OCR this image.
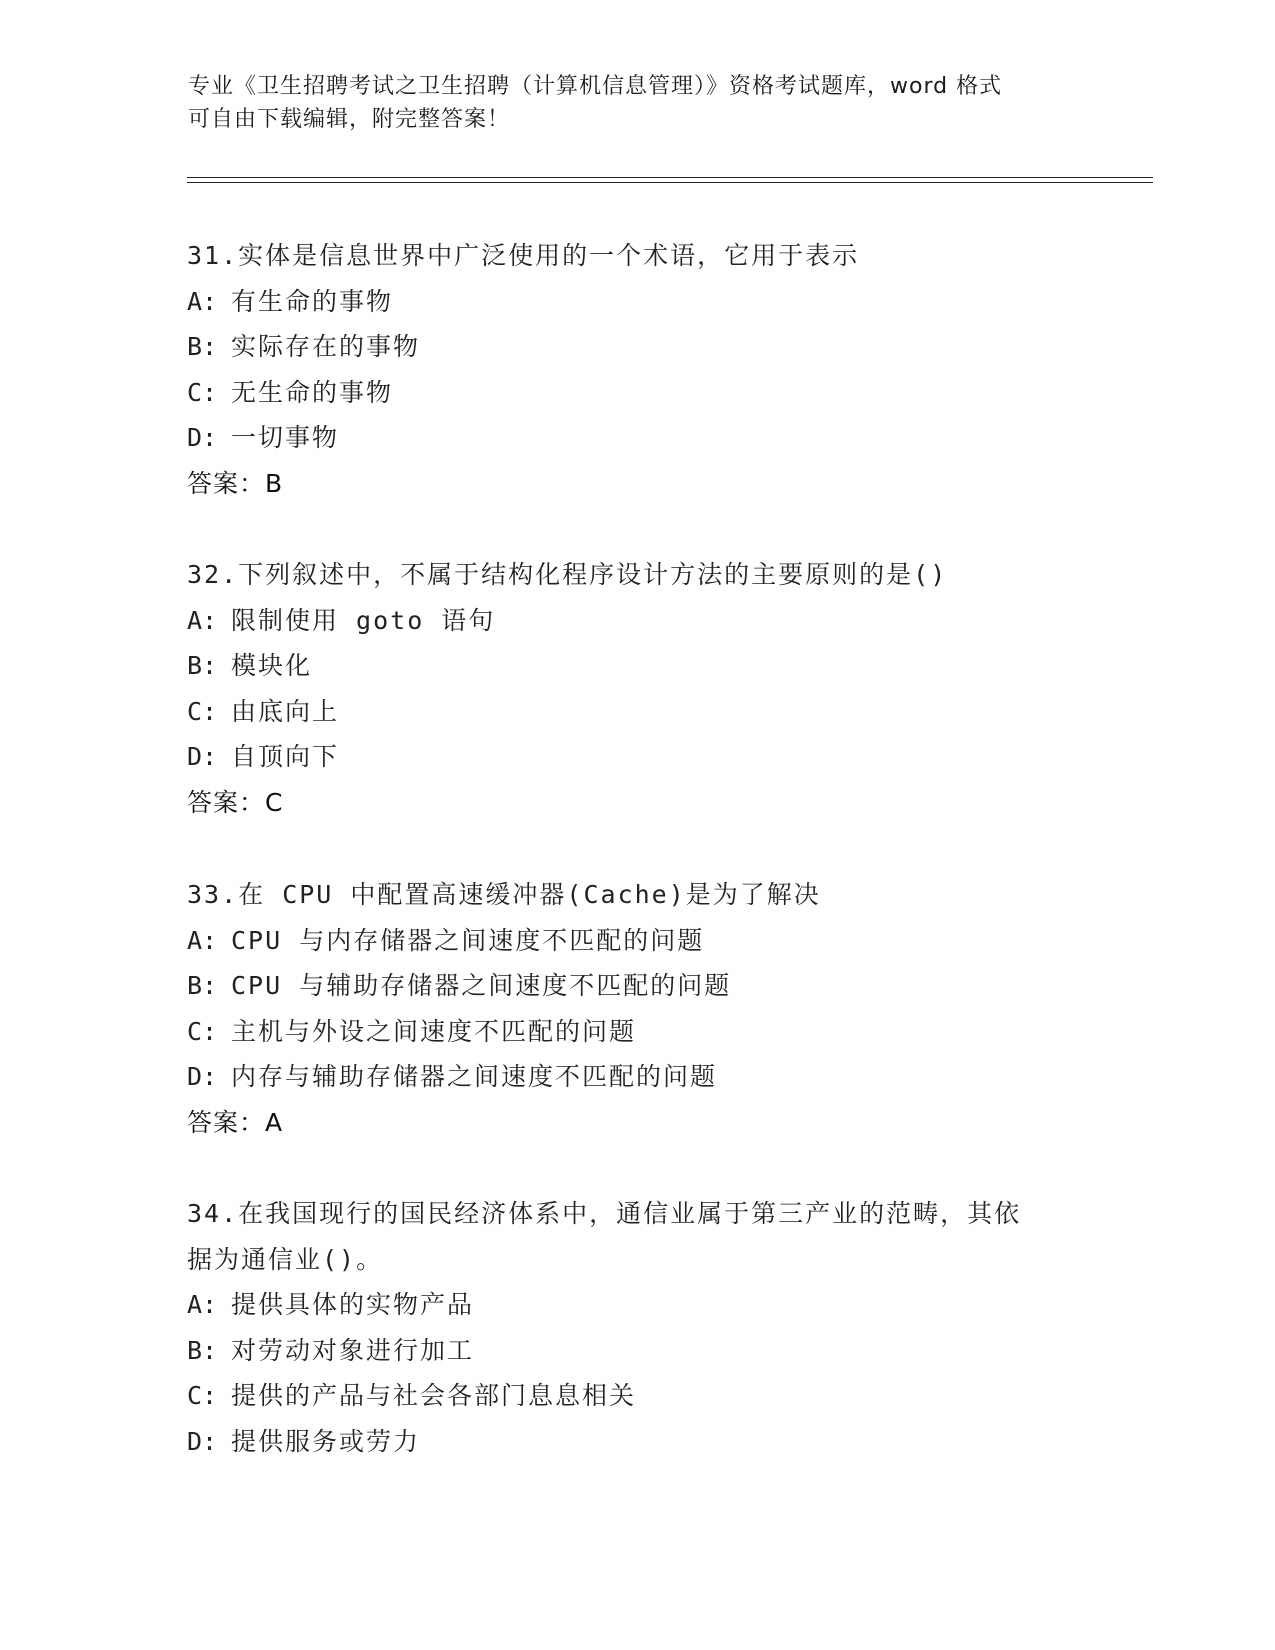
专业《卫生招聘考试之卫生招聘（计算机信息管理）》资格考试题库，word 格式
可自由下载编辑，附完整答案！
31.实体是信息世界中广泛使用的一个术语，它用于表示
A: 有生命的事物
B: 实际存在的事物
C: 无生命的事物
D: 一切事物
答案：B
32.下列叙述中，不属于结构化程序设计方法的主要原则的是()
A: 限制使用 goto 语句
B: 模块化
C: 由底向上
D: 自顶向下
答案：C
33.在 CPU 中配置高速缓冲器(Cache)是为了解决
A: CPU 与内存储器之间速度不匹配的问题
B: CPU 与辅助存储器之间速度不匹配的问题
C: 主机与外设之间速度不匹配的问题
D: 内存与辅助存储器之间速度不匹配的问题
答案：A
34.在我国现行的国民经济体系中，通信业属于第三产业的范畴，其依
据为通信业()。
A: 提供具体的实物产品
B: 对劳动对象进行加工
C: 提供的产品与社会各部门息息相关
D: 提供服务或劳力
